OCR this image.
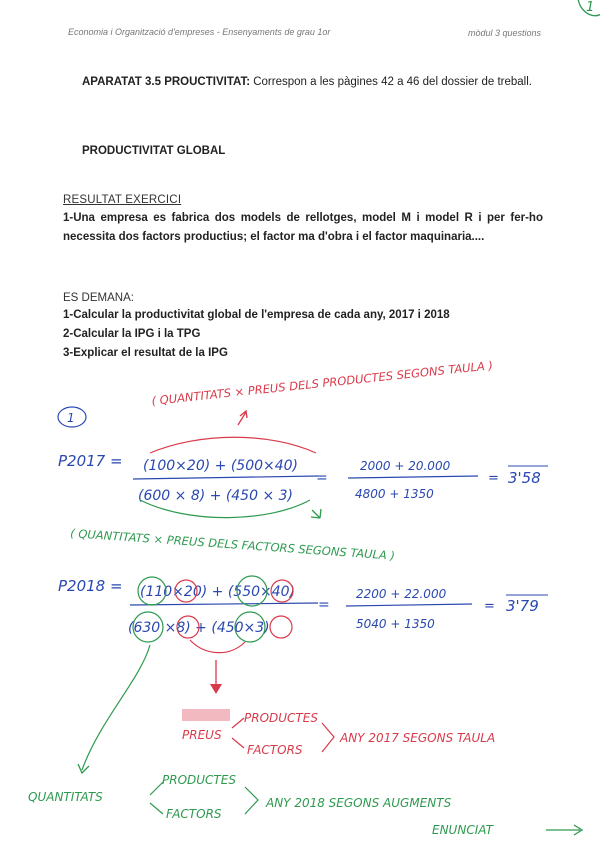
Economia i Organització d'empreses - Ensenyaments de grau 1or	mòdul 3 questions
1
APARATAT 3.5 PROUCTIVITAT: Correspon a les pàgines 42 a 46 del dossier de treball.
PRODUCTIVITAT GLOBAL
RESULTAT EXERCICI
1-Una empresa es fabrica dos models de rellotges, model M i model R i per fer-ho necessita dos factors productius; el factor ma d'obra i el factor maquinaria....
ES DEMANA:
1-Calcular la productivitat global de l'empresa de cada any, 2017 i 2018
2-Calcular la IPG i la TPG
3-Explicar el resultat de la IPG
( QUANTITATS × PREUS DELS PRODUCTES SEGONS TAULA )
1
P2017 = (100×20) + (500×40)
(600 × 8) + (450 × 3)
=
2000 + 20.000
4800 + 1350
= 3'58
( QUANTITATS × PREUS DELS FACTORS SEGONS TAULA )
P2018 = (110×20) + (550×40)
(630 ×8) + (450×3)
=
2200 + 22.000
5040 + 1350
= 3'79
PREUS
PRODUCTES
FACTORS
ANY 2017 SEGONS TAULA
QUANTITATS
PRODUCTES
FACTORS
ANY 2018 SEGONS AUGMENTS
ENUNCIAT
